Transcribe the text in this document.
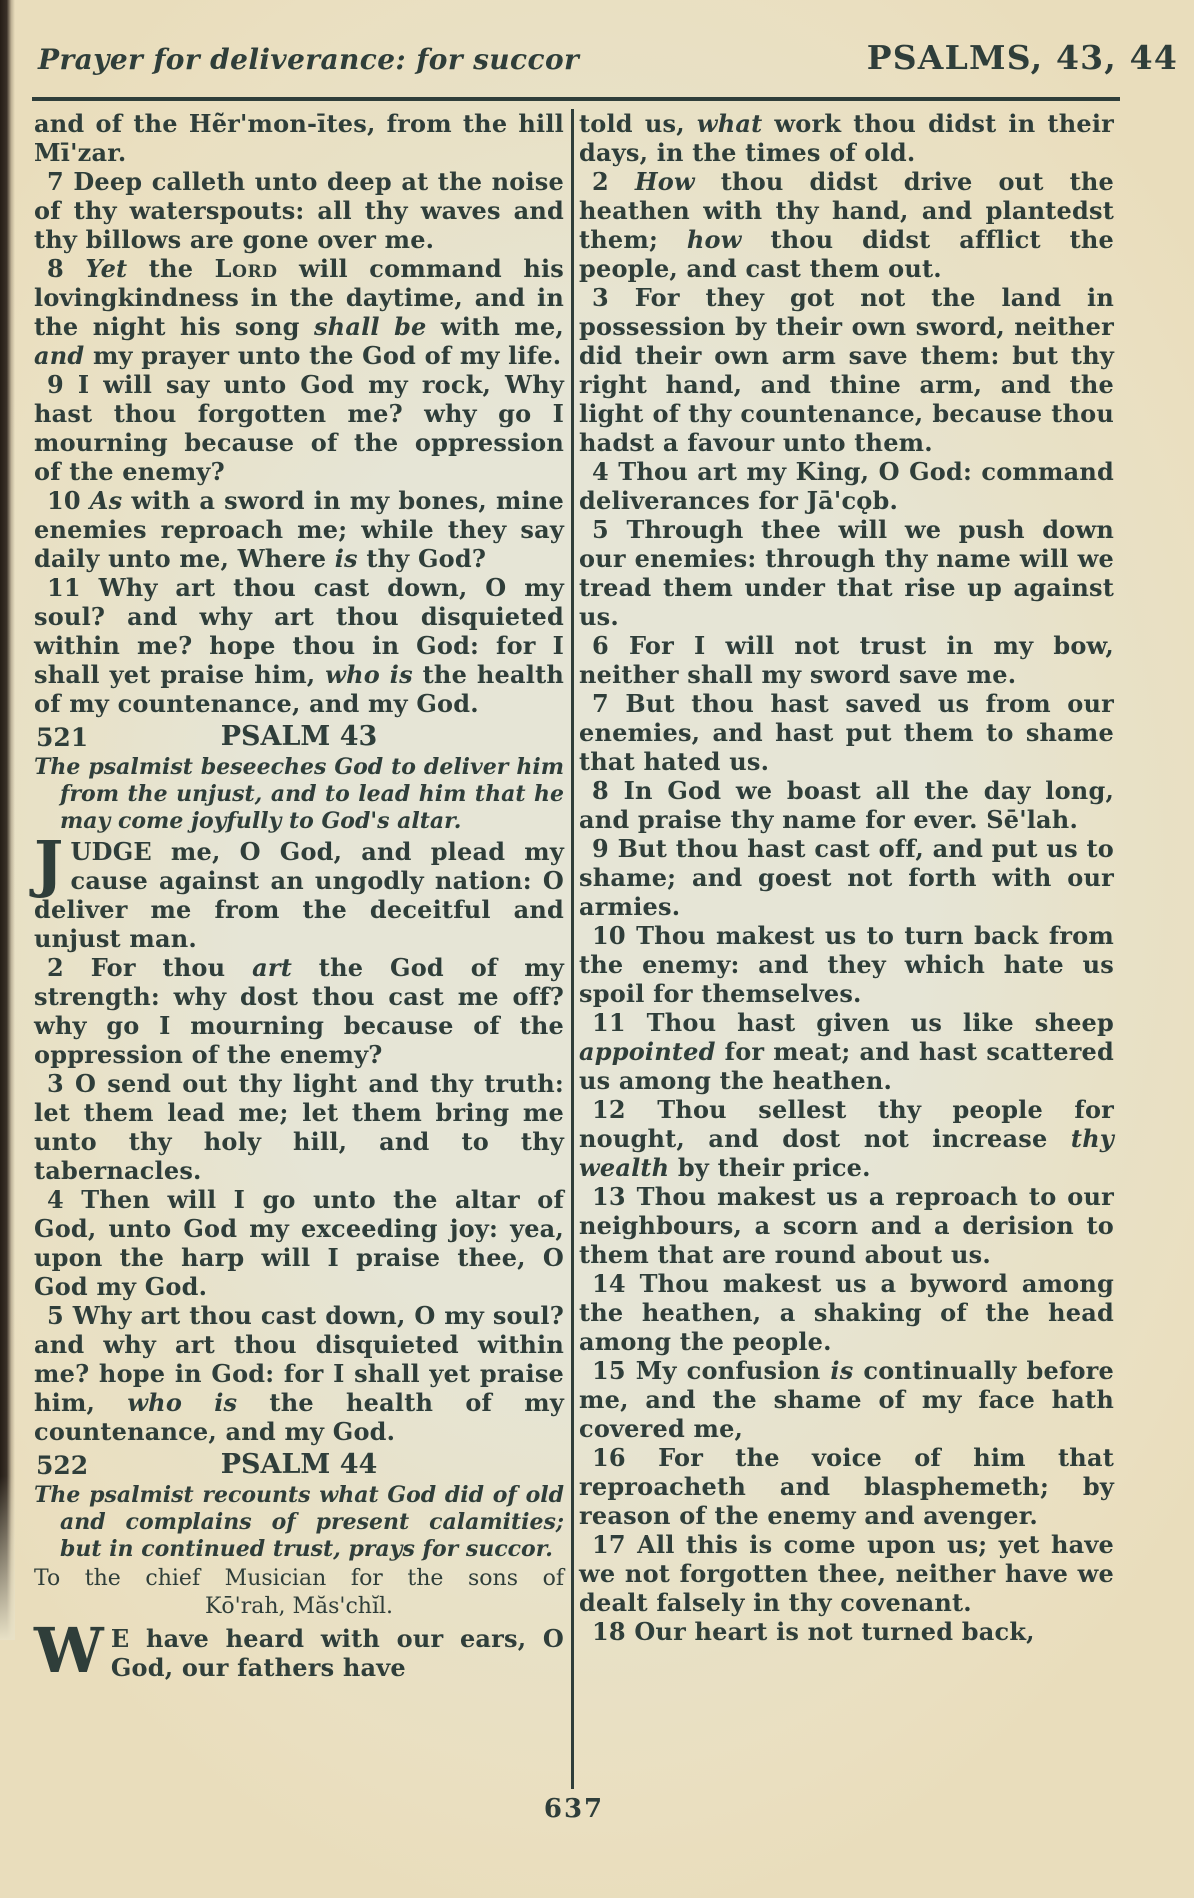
Prayer for deliverance: for succor	PSALMS, 43, 44

and of the Hẽr'mon-ītes, from the hill Mī'zar.

7 Deep calleth unto deep at the noise of thy waterspouts: all thy waves and thy billows are gone over me.

8 Yet the Lord will command his lovingkindness in the daytime, and in the night his song shall be with me, and my prayer unto the God of my life.

9 I will say unto God my rock, Why hast thou forgotten me? why go I mourning because of the oppression of the enemy?

10 As with a sword in my bones, mine enemies reproach me; while they say daily unto me, Where is thy God?

11 Why art thou cast down, O my soul? and why art thou disquieted within me? hope thou in God: for I shall yet praise him, who is the health of my countenance, and my God.

521	PSALM 43

The psalmist beseeches God to deliver him from the unjust, and to lead him that he may come joyfully to God's altar.

JUDGE me, O God, and plead my cause against an ungodly nation: O deliver me from the deceitful and unjust man.

2 For thou art the God of my strength: why dost thou cast me off? why go I mourning because of the oppression of the enemy?

3 O send out thy light and thy truth: let them lead me; let them bring me unto thy holy hill, and to thy tabernacles.

4 Then will I go unto the altar of God, unto God my exceeding joy: yea, upon the harp will I praise thee, O God my God.

5 Why art thou cast down, O my soul? and why art thou disquieted within me? hope in God: for I shall yet praise him, who is the health of my countenance, and my God.

522	PSALM 44

The psalmist recounts what God did of old and complains of present calamities; but in continued trust, prays for succor.

To the chief Musician for the sons of
Kō'rah, Măs'chĭl.

W E have heard with our ears, O God, our fathers have

told us, what work thou didst in their days, in the times of old.

2 How thou didst drive out the heathen with thy hand, and plantedst them; how thou didst afflict the people, and cast them out.

3 For they got not the land in possession by their own sword, neither did their own arm save them: but thy right hand, and thine arm, and the light of thy countenance, because thou hadst a favour unto them.

4 Thou art my King, O God: command deliverances for Jā'cǫb.

5 Through thee will we push down our enemies: through thy name will we tread them under that rise up against us.

6 For I will not trust in my bow, neither shall my sword save me.

7 But thou hast saved us from our enemies, and hast put them to shame that hated us.

8 In God we boast all the day long, and praise thy name for ever. Sē'lah.

9 But thou hast cast off, and put us to shame; and goest not forth with our armies.

10 Thou makest us to turn back from the enemy: and they which hate us spoil for themselves.

11 Thou hast given us like sheep appointed for meat; and hast scattered us among the heathen.

12 Thou sellest thy people for nought, and dost not increase thy wealth by their price.

13 Thou makest us a reproach to our neighbours, a scorn and a derision to them that are round about us.

14 Thou makest us a byword among the heathen, a shaking of the head among the people.

15 My confusion is continually before me, and the shame of my face hath covered me,

16 For the voice of him that reproacheth and blasphemeth; by reason of the enemy and avenger.

17 All this is come upon us; yet have we not forgotten thee, neither have we dealt falsely in thy covenant.

18 Our heart is not turned back,

637
